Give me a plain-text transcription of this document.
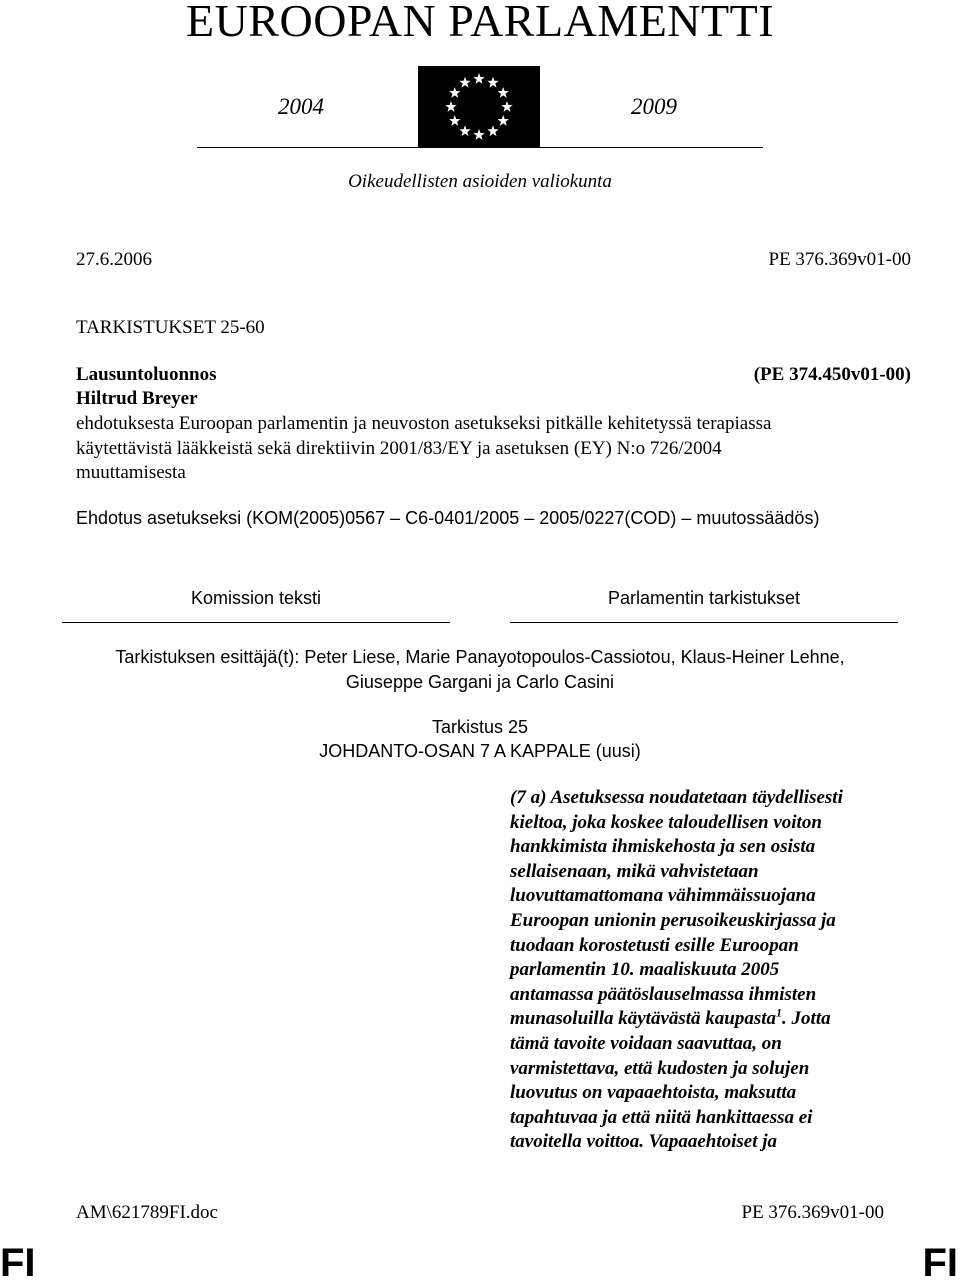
EUROOPAN PARLAMENTTI
2004	2009
Oikeudellisten asioiden valiokunta
27.6.2006	PE 376.369v01-00
TARKISTUKSET 25-60
Lausuntoluonnos	(PE 374.450v01-00)
Hiltrud Breyer
ehdotuksesta Euroopan parlamentin ja neuvoston asetukseksi pitkälle kehitetyssä terapiassa
käytettävistä lääkkeistä sekä direktiivin 2001/83/EY ja asetuksen (EY) N:o 726/2004
muuttamisesta
Ehdotus asetukseksi (KOM(2005)0567 – C6-0401/2005 – 2005/0227(COD) – muutossäädös)
Komission teksti	Parlamentin tarkistukset
Tarkistuksen esittäjä(t): Peter Liese, Marie Panayotopoulos-Cassiotou, Klaus-Heiner Lehne,
Giuseppe Gargani ja Carlo Casini
Tarkistus 25
JOHDANTO-OSAN 7 A KAPPALE (uusi)
(7 a) Asetuksessa noudatetaan täydellisesti
kieltoa, joka koskee taloudellisen voiton
hankkimista ihmiskehosta ja sen osista
sellaisenaan, mikä vahvistetaan
luovuttamattomana vähimmäissuojana
Euroopan unionin perusoikeuskirjassa ja
tuodaan korostetusti esille Euroopan
parlamentin 10. maaliskuuta 2005
antamassa päätöslauselmassa ihmisten
munasoluilla käytävästä kaupasta$^1$. Jotta
tämä tavoite voidaan saavuttaa, on
varmistettava, että kudosten ja solujen
luovutus on vapaaehtoista, maksutta
tapahtuvaa ja että niitä hankittaessa ei
tavoitella voittoa. Vapaaehtoiset ja
AM\621789FI.doc	PE 376.369v01-00
FI	FI
